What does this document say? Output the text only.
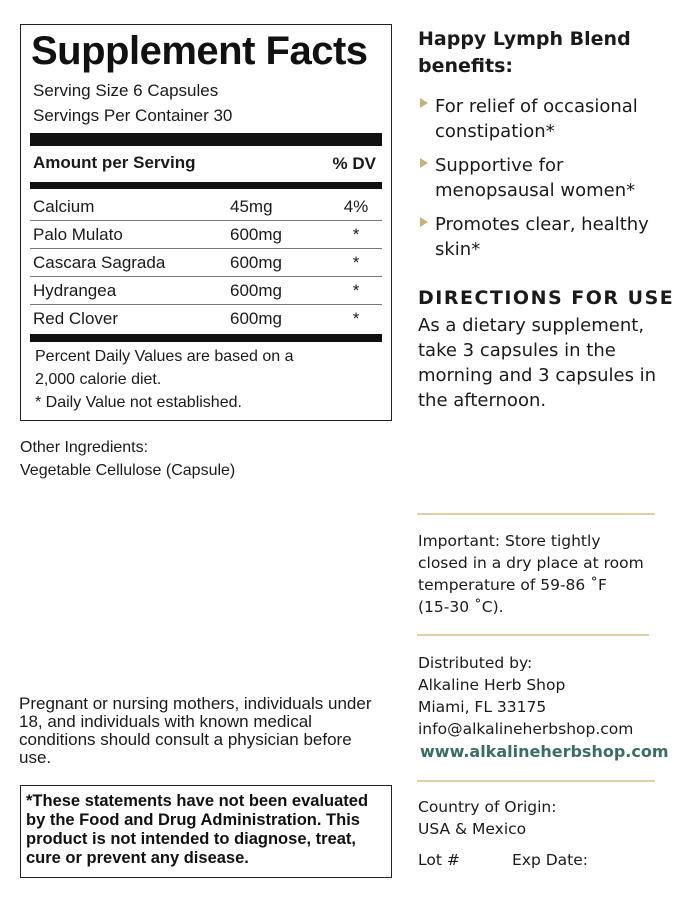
Supplement Facts
Serving Size 6 Capsules
Servings Per Container 30
Amount per Serving	% DV
Calcium	45mg	4%
Palo Mulato	600mg	*
Cascara Sagrada	600mg	*
Hydrangea	600mg	*
Red Clover	600mg	*
Percent Daily Values are based on a
2,000 calorie diet.
* Daily Value not established.
Other Ingredients:
Vegetable Cellulose (Capsule)
Pregnant or nursing mothers, individuals under 18, and individuals with known medical conditions should consult a physician before use.
*These statements have not been evaluated by the Food and Drug Administration. This product is not intended to diagnose, treat, cure or prevent any disease.
Happy Lymph Blend benefits:
For relief of occasional constipation*
Supportive for menopsausal women*
Promotes clear, healthy skin*
DIRECTIONS FOR USE
As a dietary supplement, take 3 capsules in the morning and 3 capsules in the afternoon.
Important: Store tightly
closed in a dry place at room
temperature of 59-86 ˚F
(15-30 ˚C).
Distributed by:
Alkaline Herb Shop
Miami, FL 33175
info@alkalineherbshop.com
www.alkalineherbshop.com
Country of Origin:
USA & Mexico
Lot #	Exp Date:
